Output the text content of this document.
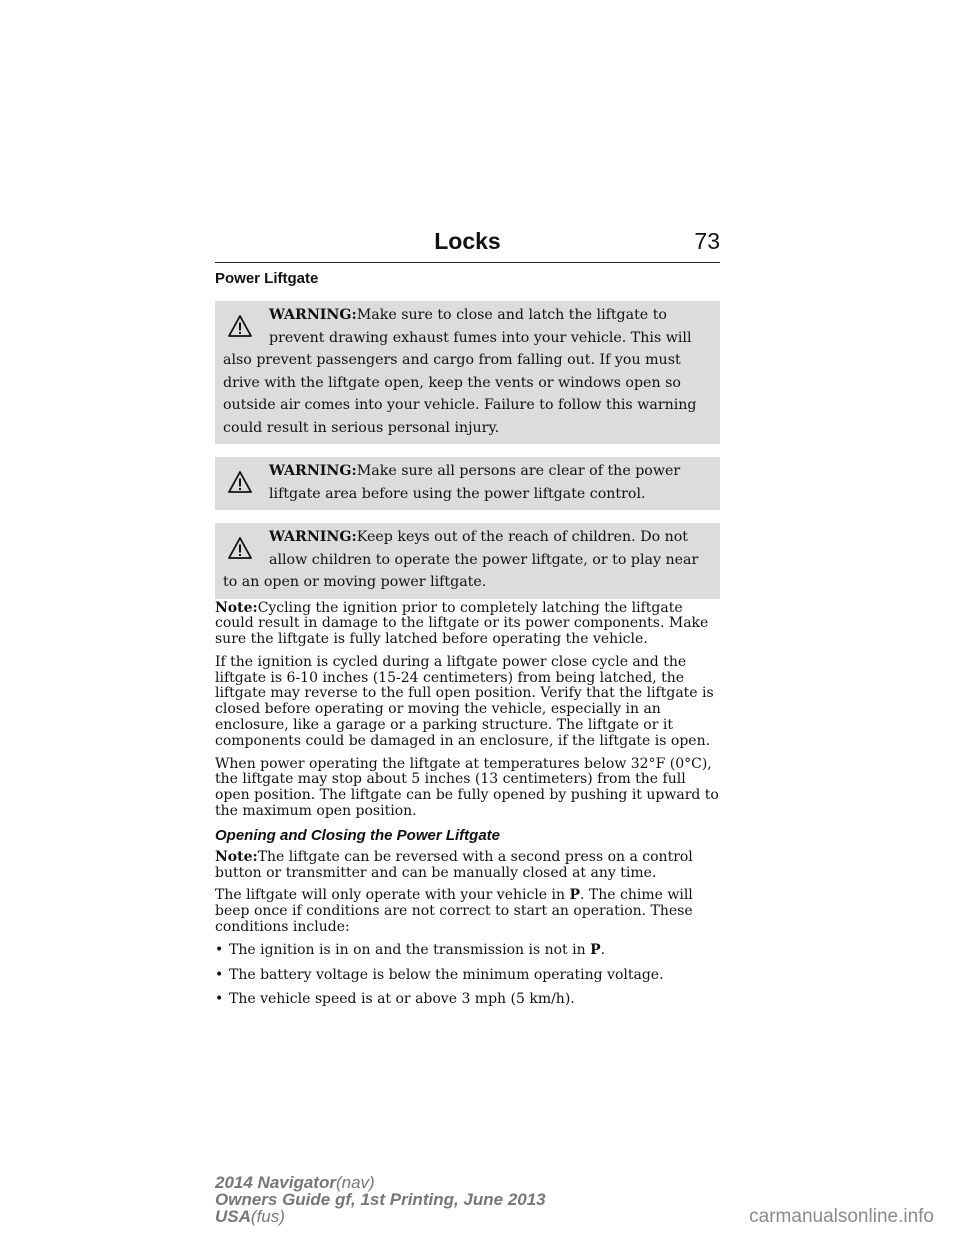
Locks	73
Power Liftgate
WARNING:Make sure to close and latch the liftgate to prevent drawing exhaust fumes into your vehicle. This will also prevent passengers and cargo from falling out. If you must drive with the liftgate open, keep the vents or windows open so outside air comes into your vehicle. Failure to follow this warning could result in serious personal injury.
WARNING:Make sure all persons are clear of the power liftgate area before using the power liftgate control.
WARNING:Keep keys out of the reach of children. Do not allow children to operate the power liftgate, or to play near to an open or moving power liftgate.

Note:Cycling the ignition prior to completely latching the liftgate could result in damage to the liftgate or its power components. Make sure the liftgate is fully latched before operating the vehicle.

If the ignition is cycled during a liftgate power close cycle and the liftgate is 6-10 inches (15-24 centimeters) from being latched, the liftgate may reverse to the full open position. Verify that the liftgate is closed before operating or moving the vehicle, especially in an enclosure, like a garage or a parking structure. The liftgate or it components could be damaged in an enclosure, if the liftgate is open.

When power operating the liftgate at temperatures below 32°F (0°C), the liftgate may stop about 5 inches (13 centimeters) from the full open position. The liftgate can be fully opened by pushing it upward to the maximum open position.

Opening and Closing the Power Liftgate

Note:The liftgate can be reversed with a second press on a control button or transmitter and can be manually closed at any time.

The liftgate will only operate with your vehicle in P. The chime will beep once if conditions are not correct to start an operation. These conditions include:

• The ignition is in on and the transmission is not in P.
• The battery voltage is below the minimum operating voltage.
• The vehicle speed is at or above 3 mph (5 km/h).
2014 Navigator(nav)
Owners Guide gf, 1st Printing, June 2013
USA(fus)	carmanualsonline.info
